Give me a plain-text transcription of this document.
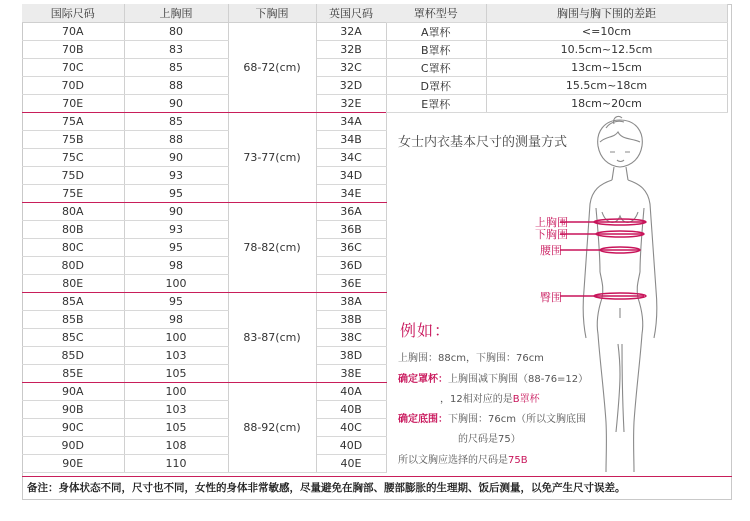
国际尺码	上胸围	下胸围	英国尺码
70A	80	68-72(cm)	32A
70B	83		32B
70C	85		32C
70D	88		32D
70E	90		32E
75A	85	73-77(cm)	34A
75B	88		34B
75C	90		34C
75D	93		34D
75E	95		34E
80A	90	78-82(cm)	36A
80B	93		36B
80C	95		36C
80D	98		36D
80E	100		36E
85A	95	83-87(cm)	38A
85B	98		38B
85C	100		38C
85D	103		38D
85E	105		38E
90A	100	88-92(cm)	40A
90B	103		40B
90C	105		40C
90D	108		40D
90E	110		40E
罩杯型号	胸围与胸下围的差距
A罩杯	<=10cm
B罩杯	10.5cm~12.5cm
C罩杯	13cm~15cm
D罩杯	15.5cm~18cm
E罩杯	18cm~20cm
女士内衣基本尺寸的测量方式
上胸围
下胸围
腰围
臀围
例如：
上胸围：88cm，下胸围：76cm
确定罩杯：上胸围减下胸围（88-76=12）
，12相对应的是B罩杯
确定底围：下胸围：76cm（所以文胸底围
的尺码是75）
所以文胸应选择的尺码是75B
备注：身体状态不同，尺寸也不同，女性的身体非常敏感，尽量避免在胸部、腰部膨胀的生理期、饭后测量，以免产生尺寸误差。
